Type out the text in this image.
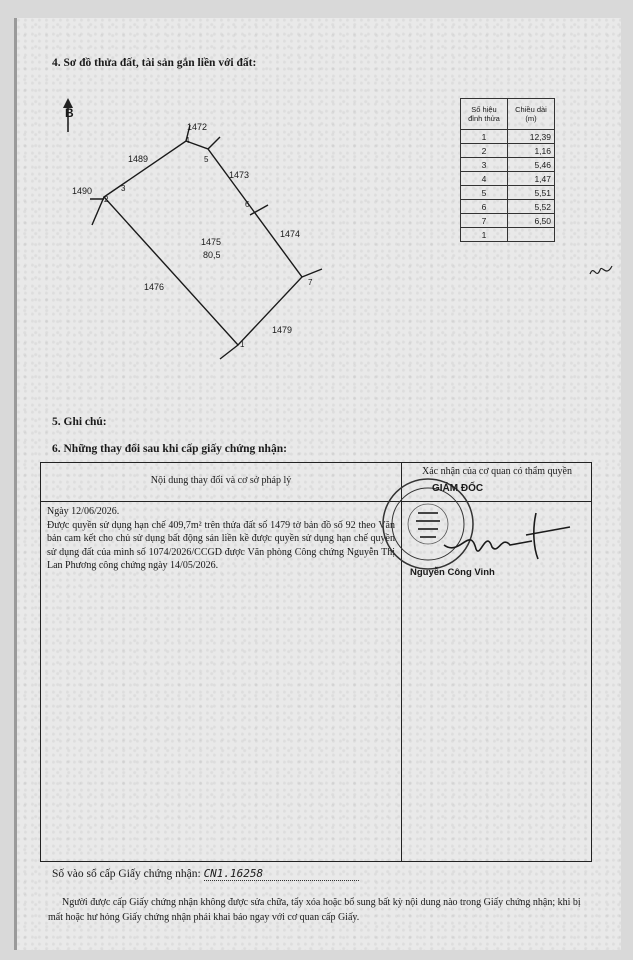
4. Sơ đồ thửa đất, tài sản gắn liền với đất:
B
1472
1489
1473
1490
1474
1476
1479
1475
80,5
1
2
3
4
5
6
7
Số hiệu đỉnh thửa	Chiều dài (m)
1	12,39
2	1,16
3	5,46
4	1,47
5	5,51
6	5,52
7	6,50
1	
5. Ghi chú:
6. Những thay đổi sau khi cấp giấy chứng nhận:
Nội dung thay đổi và cơ sở pháp lý
Xác nhận của cơ quan có thẩm quyền

Ngày 12/06/2026.

Được quyền sử dụng hạn chế 409,7m² trên thửa đất số 1479 tờ bản đồ số 92 theo Văn bản cam kết cho chủ sử dụng bất động sản liền kề được quyền sử dụng hạn chế quyền sử dụng đất của mình số 1074/2026/CCGD được Văn phòng Công chứng Nguyễn Thị Lan Phương công chứng ngày 14/05/2026.

GIÁM ĐỐC
Nguyễn Công Vinh
Số vào sổ cấp Giấy chứng nhận: CN1.16258
Người được cấp Giấy chứng nhận không được sửa chữa, tẩy xóa hoặc bổ sung bất kỳ nội dung nào trong Giấy chứng nhận; khi bị mất hoặc hư hỏng Giấy chứng nhận phải khai báo ngay với cơ quan cấp Giấy.
